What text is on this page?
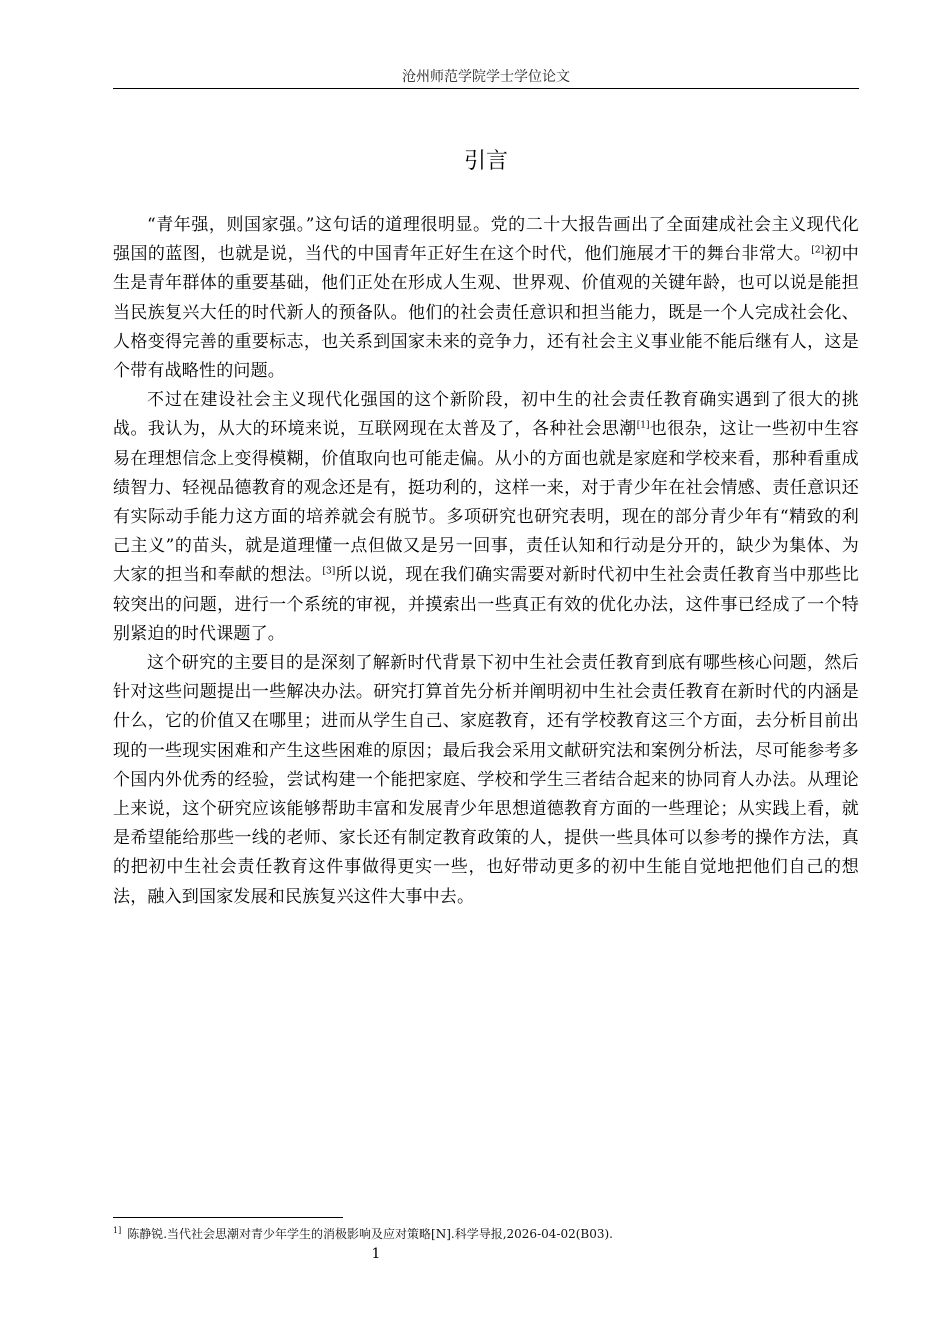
沧州师范学院学士学位论文
引言

“青年强，则国家强。”这句话的道理很明显。党的二十大报告画出了全面建成社会主义现代化强国的蓝图，也就是说，当代的中国青年正好生在这个时代，他们施展才干的舞台非常大。[2]初中生是青年群体的重要基础，他们正处在形成人生观、世界观、价值观的关键年龄，也可以说是能担当民族复兴大任的时代新人的预备队。他们的社会责任意识和担当能力，既是一个人完成社会化、人格变得完善的重要标志，也关系到国家未来的竞争力，还有社会主义事业能不能后继有人，这是个带有战略性的问题。

不过在建设社会主义现代化强国的这个新阶段，初中生的社会责任教育确实遇到了很大的挑战。我认为，从大的环境来说，互联网现在太普及了，各种社会思潮[1]也很杂，这让一些初中生容易在理想信念上变得模糊，价值取向也可能走偏。从小的方面也就是家庭和学校来看，那种看重成绩智力、轻视品德教育的观念还是有，挺功利的，这样一来，对于青少年在社会情感、责任意识还有实际动手能力这方面的培养就会有脱节。多项研究也研究表明，现在的部分青少年有“精致的利己主义”的苗头，就是道理懂一点但做又是另一回事，责任认知和行动是分开的，缺少为集体、为大家的担当和奉献的想法。[3]所以说，现在我们确实需要对新时代初中生社会责任教育当中那些比较突出的问题，进行一个系统的审视，并摸索出一些真正有效的优化办法，这件事已经成了一个特别紧迫的时代课题了。

这个研究的主要目的是深刻了解新时代背景下初中生社会责任教育到底有哪些核心问题，然后针对这些问题提出一些解决办法。研究打算首先分析并阐明初中生社会责任教育在新时代的内涵是什么，它的价值又在哪里；进而从学生自己、家庭教育，还有学校教育这三个方面，去分析目前出现的一些现实困难和产生这些困难的原因；最后我会采用文献研究法和案例分析法，尽可能参考多个国内外优秀的经验，尝试构建一个能把家庭、学校和学生三者结合起来的协同育人办法。从理论上来说，这个研究应该能够帮助丰富和发展青少年思想道德教育方面的一些理论；从实践上看，就是希望能给那些一线的老师、家长还有制定教育政策的人，提供一些具体可以参考的操作方法，真的把初中生社会责任教育这件事做得更实一些，也好带动更多的初中生能自觉地把他们自己的想法，融入到国家发展和民族复兴这件大事中去。

$^{1]}$ 陈静锐.当代社会思潮对青少年学生的消极影响及应对策略[N].科学导报,2026-04-02(B03).
1
